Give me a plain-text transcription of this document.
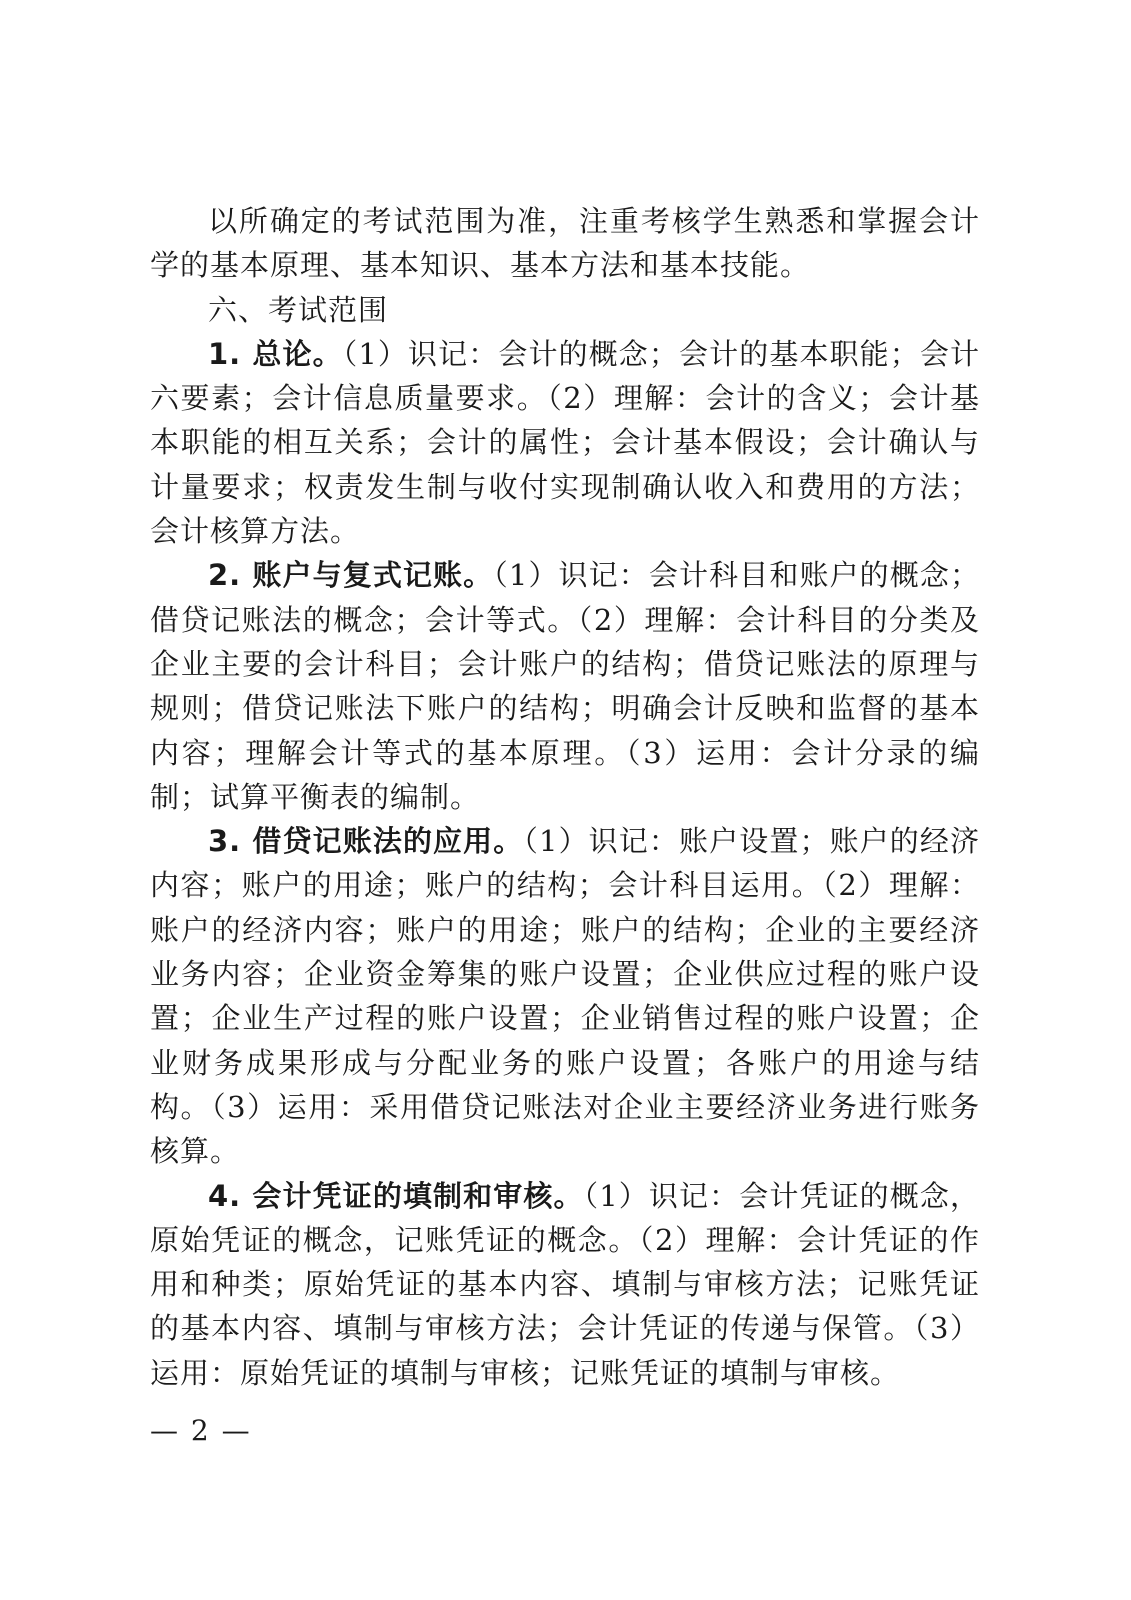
以所确定的考试范围为准，注重考核学生熟悉和掌握会计学的基本原理、基本知识、基本方法和基本技能。

六、考试范围

1. 总论。（1）识记：会计的概念；会计的基本职能；会计六要素；会计信息质量要求。（2）理解：会计的含义；会计基本职能的相互关系；会计的属性；会计基本假设；会计确认与计量要求；权责发生制与收付实现制确认收入和费用的方法；会计核算方法。

2. 账户与复式记账。（1）识记：会计科目和账户的概念；借贷记账法的概念；会计等式。（2）理解：会计科目的分类及企业主要的会计科目；会计账户的结构；借贷记账法的原理与规则；借贷记账法下账户的结构；明确会计反映和监督的基本内容；理解会计等式的基本原理。（3）运用：会计分录的编制；试算平衡表的编制。

3. 借贷记账法的应用。（1）识记：账户设置；账户的经济内容；账户的用途；账户的结构；会计科目运用。（2）理解：账户的经济内容；账户的用途；账户的结构；企业的主要经济业务内容；企业资金筹集的账户设置；企业供应过程的账户设置；企业生产过程的账户设置；企业销售过程的账户设置；企业财务成果形成与分配业务的账户设置；各账户的用途与结构。（3）运用：采用借贷记账法对企业主要经济业务进行账务核算。

4. 会计凭证的填制和审核。（1）识记：会计凭证的概念，原始凭证的概念，记账凭证的概念。（2）理解：会计凭证的作用和种类；原始凭证的基本内容、填制与审核方法；记账凭证的基本内容、填制与审核方法；会计凭证的传递与保管。（3）运用：原始凭证的填制与审核；记账凭证的填制与审核。

— 2 —
